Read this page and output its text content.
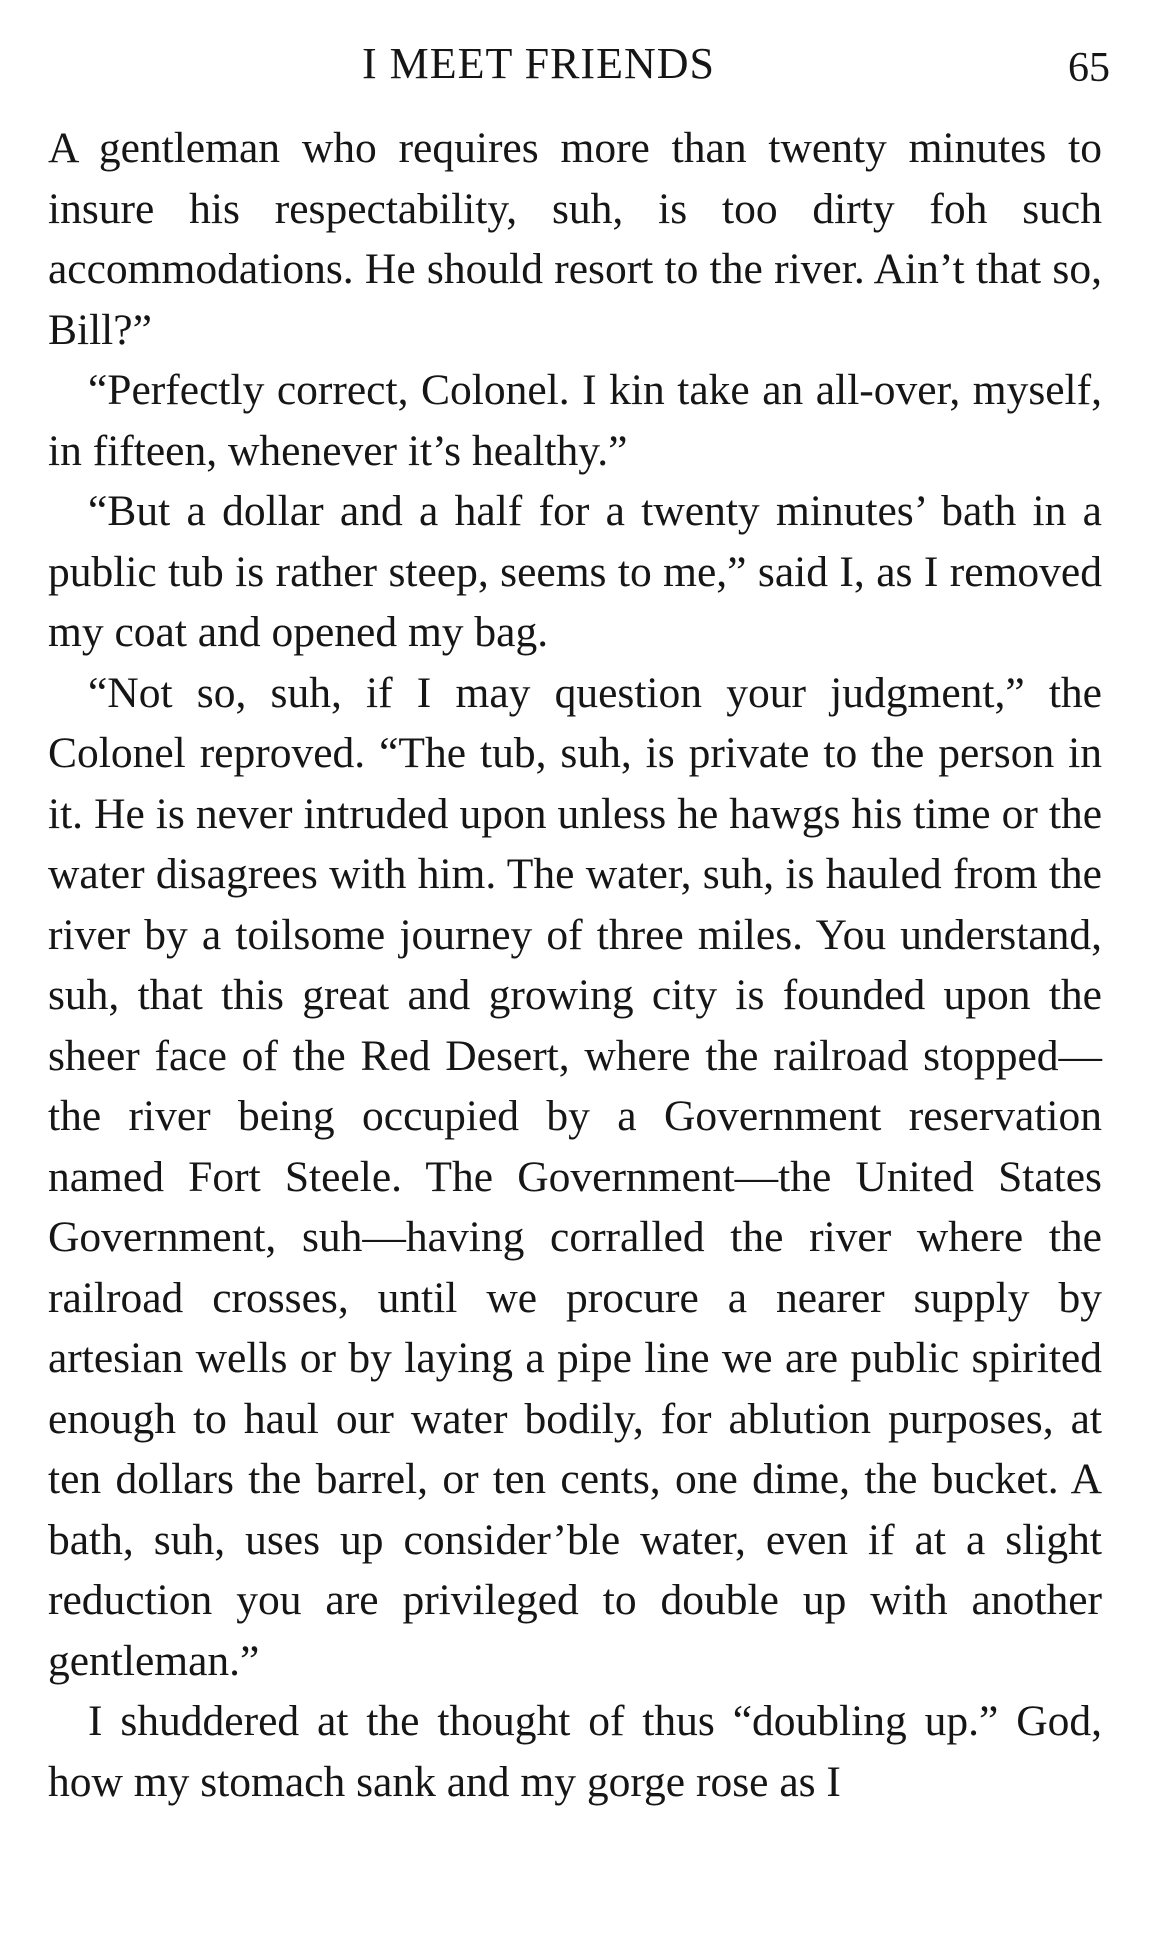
I MEET FRIENDS	65

A gentleman who requires more than twenty minutes to insure his respectability, suh, is too dirty foh such accommodations. He should resort to the river. Ain’t that so, Bill?”

“Perfectly correct, Colonel. I kin take an all-over, myself, in fifteen, whenever it’s healthy.”

“But a dollar and a half for a twenty minutes’ bath in a public tub is rather steep, seems to me,” said I, as I removed my coat and opened my bag.

“Not so, suh, if I may question your judgment,” the Colonel reproved. “The tub, suh, is private to the person in it. He is never intruded upon unless he hawgs his time or the water disagrees with him. The water, suh, is hauled from the river by a toilsome journey of three miles. You understand, suh, that this great and growing city is founded upon the sheer face of the Red Desert, where the railroad stopped—the river being occupied by a Government reservation named Fort Steele. The Government—the United States Government, suh—having corralled the river where the railroad crosses, until we procure a nearer supply by artesian wells or by laying a pipe line we are public spirited enough to haul our water bodily, for ablution purposes, at ten dollars the barrel, or ten cents, one dime, the bucket. A bath, suh, uses up consider’ble water, even if at a slight reduction you are privileged to double up with another gentleman.”

I shuddered at the thought of thus “doubling up.” God, how my stomach sank and my gorge rose as I
